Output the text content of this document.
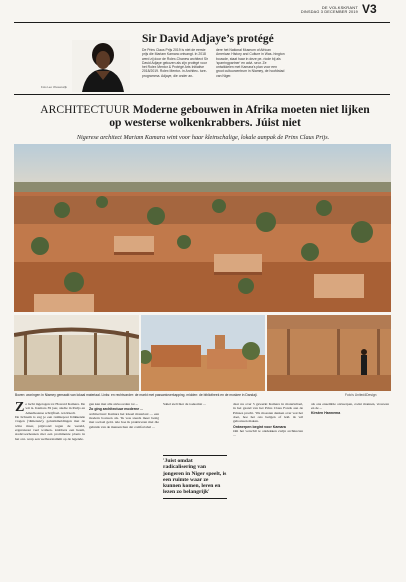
DE VOLKSKRANT
DINSDAG 3 DECEMBER 2019 V3
Foto Leo Vriesenwijk
Sir David Adjaye’s protégé
De Prins Claus Prijs 2019 is niet de eerste prijs die Mariam Kamara ontvangt. In 2018 werd zij door de Rolex-Chanew architect Sir David Adjaye gekozen als zijn protégé voor het Rolex Mentor & Protégé Arts Initiative 2018/2019. Rolex Mentor- in Architec- ture-programma. Adjaye, die onder an-
dere het National Museum of African American History and Culture in Was- hington bouwde, staat haar in deze pe- riode bij als 'sparringpartner' en advi- seur. Ze ontwikkelen met Kamara's plan voor een groot cultuurcentrum in Niamey, de hoofdstad van Niger.
ARCHITECTUUR Moderne gebouwen in Afrika moeten niet lijken op westerse wolkenkrabbers. Júist niet
Nigerese architect Mariam Kamara wint voor haar kleinschalige, lokale aanpak de Prins Claus Prijs.
Boven: woningen in Niamey gemaakt van lokaal materiaal. Links: en rechtsonder: de markt met passantoverkapping. midden: de bibliotheek en de moskee in Dandaji.	Foto's United4Design

Z e lacht ingetogen tot Howard Kamara. De wit is. Kamara 39 jaar, studie in Parijs en Amerikaanse schrijftaal- ten Raedt.

De lichaam is zag je een ruimtepost Klikkende vragen ('dimensie'), geluidsmeldingen met de witte maar, prijsvond tegen de wereld, ergersnaast veel wolken- krabbers een heem, stadsvoorheuzen met een prominente plaats in het ont- werp een welbaarstammt op de legende.

gen kan met alle antwoorden tot ...

Zo ging architectuur moderne ...

architectuur: Kamara het lokaal materiaal — een modern bouwen als. 'Ik was steeds meer bezig met sociaal geld- tele hoe ik prakticeren met die gebruik van de mensen hun dat comfortabel ...

Sahel stelt hier de toekomst ...

'Juist omdat radicalisering van jongeren in Niger speelt, is een ruimte waar ze kunnen komen, leren en lezen zo belangrijk'

daar nu over 5 gewerkt Kamara in materialtaal, in het gaand van het Prins Claus Fonds aan de Prinses pracht. 'We moesten denken over wat het doet, hoe het ons bedgen of leid. ik wil gebouwen maken.

Ontwerpen begint voor Kamara

Om het verschil te ontdekken zwijn architecten ...

als ons ensemble ontwerpen, zodat mannen, vrouwen en de ...

Kirsten Hannema
